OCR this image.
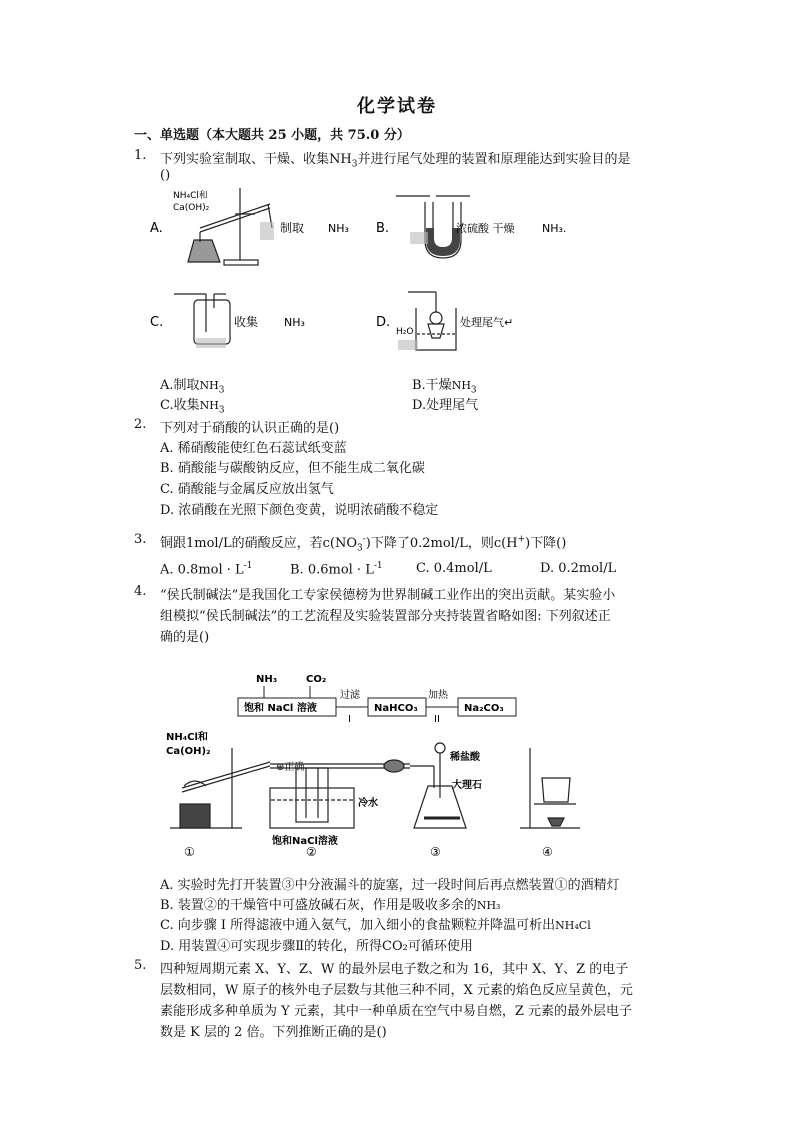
化学试卷
一、单选题（本大题共 25 小题，共 75.0 分）
1. 下列实验室制取、干燥、收集$NH_3$并进行尾气处理的装置和原理能达到实验目的是
()
A.
NH₄Cl和
Ca(OH)₂
制取 NH₃ B.	浓硫酸 干燥	NH₃.
C.	收集 NH₃	D.
H₂O
处理尾气↵
A.制取$NH_3$	B.干燥$NH_3$
C.收集$NH_3$	D.处理尾气
2. 下列对于硝酸的认识正确的是()
A. 稀硝酸能使红色石蕊试纸变蓝
B. 硝酸能与碳酸钠反应，但不能生成二氧化碳
C. 硝酸能与金属反应放出氢气
D. 浓硝酸在光照下颜色变黄，说明浓硝酸不稳定
3. 铜跟1mol/L的硝酸反应，若$c(NO_3^-)$下降了0.2mol/L，则c(H+)下降()
A. $0.8mol \cdot L^{-1}$	B. $0.6mol \cdot L^{-1}$	C. 0.4mol/L	D. 0.2mol/L
4. “侯氏制碱法”是我国化工专家侯德榜为世界制碱工业作出的突出贡献。某实验小
组模拟“侯氏制碱法”的工艺流程及实验装置部分夹持装置省略如图: 下列叙述正
确的是()
NH₃	CO₂
饱和 NaCl 溶液
过滤
I
NaHCO₃
加热
II
Na₂CO₃
NH₄Cl和
Ca(OH)₂
⊕正确
冷水
饱和NaCl溶液
稀盐酸
大理石
①	②	③	④
A. 实验时先打开装置③中分液漏斗的旋塞，过一段时间后再点燃装置①的酒精灯
B. 装置②的干燥管中可盛放碱石灰，作用是吸收多余的NH₃
C. 向步骤 I 所得滤液中通入氨气，加入细小的食盐颗粒并降温可析出NH₄Cl
D. 用装置④可实现步骤Ⅱ的转化，所得CO₂可循环使用
5. 四种短周期元素 X、Y、Z、W 的最外层电子数之和为 16，其中 X、Y、Z 的电子
层数相同，W 原子的核外电子层数与其他三种不同，X 元素的焰色反应呈黄色，元
素能形成多种单质为 Y 元素，其中一种单质在空气中易自燃，Z 元素的最外层电子
数是 K 层的 2 倍。下列推断正确的是()
